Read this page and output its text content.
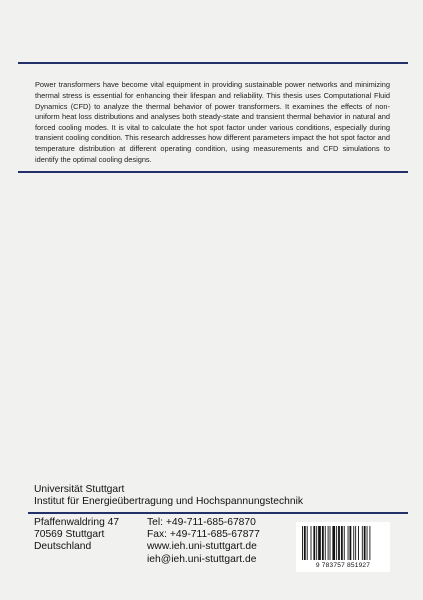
Power transformers have become vital equipment in providing sustainable power networks and minimizing thermal stress is essential for enhancing their lifespan and reliability. This thesis uses Computational Fluid Dynamics (CFD) to analyze the thermal behavior of power transformers. It examines the effects of non-uniform heat loss distributions and analyses both steady-state and transient thermal behavior in natural and forced cooling modes. It is vital to calculate the hot spot factor under various conditions, especially during transient cooling condition. This research addresses how different parameters impact the hot spot factor and temperature distribution at different operating condition, using measurements and CFD simulations to identify the optimal cooling designs.

Universität Stuttgart
Institut für Energieübertragung und Hochspannungstechnik
Pfaffenwaldring 47
70569 Stuttgart
Deutschland
Tel: +49-711-685-67870
Fax: +49-711-685-67877
www.ieh.uni-stuttgart.de
ieh@ieh.uni-stuttgart.de
9 783757 851927
